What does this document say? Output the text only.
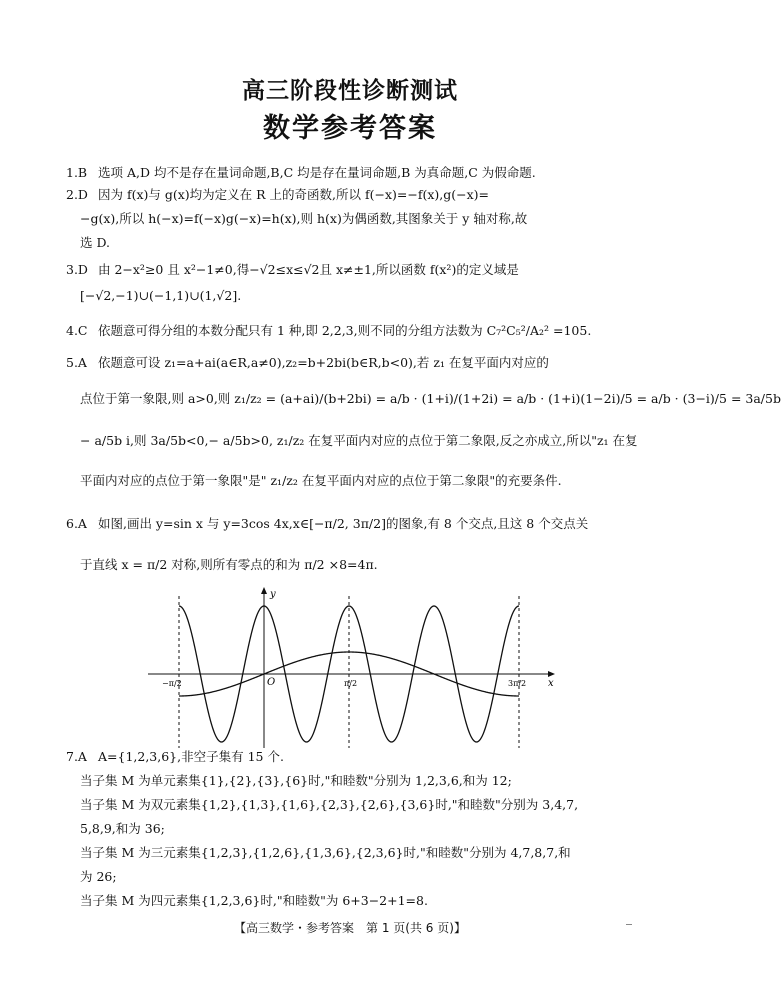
高三阶段性诊断测试
数学参考答案
1.B 选项 A,D 均不是存在量词命题,B,C 均是存在量词命题,B 为真命题,C 为假命题.
2.D 因为 f(x)与 g(x)均为定义在 R 上的奇函数,所以 f(−x)=−f(x),g(−x)=
−g(x),所以 h(−x)=f(−x)g(−x)=h(x),则 h(x)为偶函数,其图象关于 y 轴对称,故
选 D.
3.D 由 2−x²≥0 且 x²−1≠0,得−√2≤x≤√2且 x≠±1,所以函数 f(x²)的定义域是
[−√2,−1)∪(−1,1)∪(1,√2].
4.C 依题意可得分组的本数分配只有 1 种,即 2,2,3,则不同的分组方法数为 C₇²C₅²/A₂² =105.
5.A 依题意可设 z₁=a+ai(a∈R,a≠0),z₂=b+2bi(b∈R,b<0),若 z₁ 在复平面内对应的
点位于第一象限,则 a>0,则 z₁/z₂ = (a+ai)/(b+2bi) = a/b · (1+i)/(1+2i) = a/b · (1+i)(1−2i)/5 = a/b · (3−i)/5 = 3a/5b
− a/5b i,则 3a/5b<0,− a/5b>0, z₁/z₂ 在复平面内对应的点位于第二象限,反之亦成立,所以"z₁ 在复
平面内对应的点位于第一象限"是" z₁/z₂ 在复平面内对应的点位于第二象限"的充要条件.
6.A 如图,画出 y=sin x 与 y=3cos 4x,x∈[−π/2, 3π/2]的图象,有 8 个交点,且这 8 个交点关
于直线 x = π/2 对称,则所有零点的和为 π/2 ×8=4π.
y
x
O
−π/2	π/2	3π/2
7.A A={1,2,3,6},非空子集有 15 个.
当子集 M 为单元素集{1},{2},{3},{6}时,"和睦数"分别为 1,2,3,6,和为 12;
当子集 M 为双元素集{1,2},{1,3},{1,6},{2,3},{2,6},{3,6}时,"和睦数"分别为 3,4,7,
5,8,9,和为 36;
当子集 M 为三元素集{1,2,3},{1,2,6},{1,3,6},{2,3,6}时,"和睦数"分别为 4,7,8,7,和
为 26;
当子集 M 为四元素集{1,2,3,6}时,"和睦数"为 6+3−2+1=8.
【高三数学・参考答案　第 1 页(共 6 页)】
